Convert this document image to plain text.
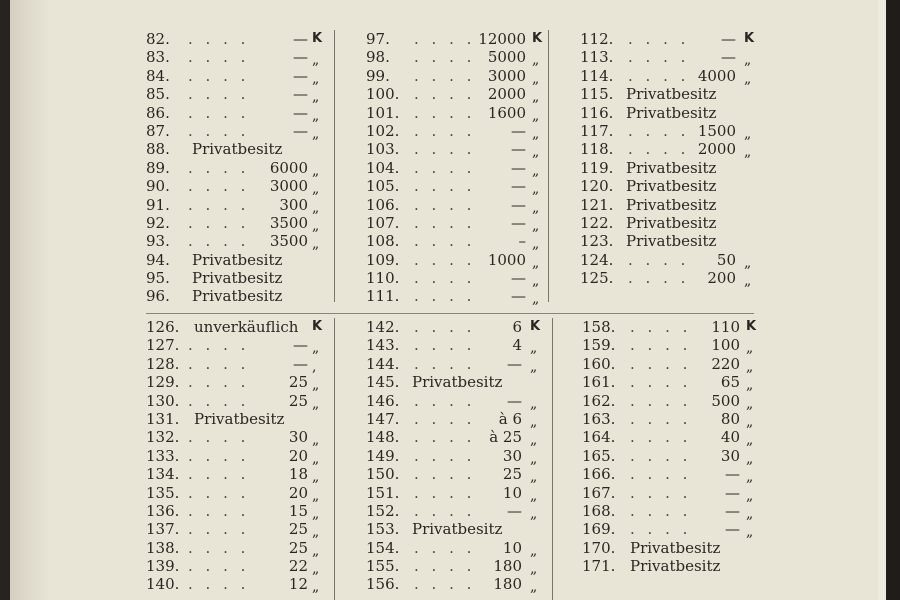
82. . . . .	— K
83. . . . .	— „
84. . . . .	— „
85. . . . .	— „
86. . . . .	— „
87. . . . .	— „
88. Privatbesitz
89. . . . . 6000 „
90. . . . . 3000 „
91. . . . . 300 „
92. . . . . 3500 „
93. . . . . 3500 „
94. Privatbesitz
95. Privatbesitz
96. Privatbesitz
97. . . . . 12000 K
98. . . . . 5000 „
99. . . . . 3000 „
100. . . . . 2000 „
101. . . . . 1600 „
102. . . . . — „
103. . . . . — „
104. . . . . — „
105. . . . . — „
106. . . . . — „
107. . . . . — „
108. . . . .	– „
109. . . . . 1000 „
110. . . . . — „
111. . . . . — „
112. . . . . — K
113. . . . . — „
114. . . . . 4000 „
115. Privatbesitz
116. Privatbesitz
117. . . . . 1500 „
118. . . . . 2000 „
119. Privatbesitz
120. Privatbesitz
121. Privatbesitz
122. Privatbesitz
123. Privatbesitz
124. . . . . 50 „
125. . . . . 200 „
126. unverkäuflich K
127. . . . .	— „
128. . . . .	— ,
129. . . . .	25 „
130. . . . .	25 „
131. Privatbesitz
132. . . . .	30 „
133. . . . .	20 „
134. . . . .	18 „
135. . . . .	20 „
136. . . . .	15 „
137. . . . .	25 „
138. . . . .	25 „
139. . . . .	22 „
140. . . . .	12 „
142. . . . . 6 K
143. . . . . 4 „
144. . . . . — „
145. Privatbesitz
146. . . . . — „
147. . . . . à 6 „
148. . . . . à 25 „
149. . . . . 30 „
150. . . . . 25 „
151. . . . . 10 „
152. . . . . — „
153. Privatbesitz
154. . . . . 10 „
155. . . . . 180 „
156. . . . . 180 „
158. . . . . 110 K
159. . . . . 100 „
160. . . . . 220 „
161. . . . . 65 „
162. . . . . 500 „
163. . . . . 80 „
164. . . . . 40 „
165. . . . . 30 „
166. . . . . — „
167. . . . . — „
168. . . . . — „
169. . . . . — „
170. Privatbesitz
171. Privatbesitz
